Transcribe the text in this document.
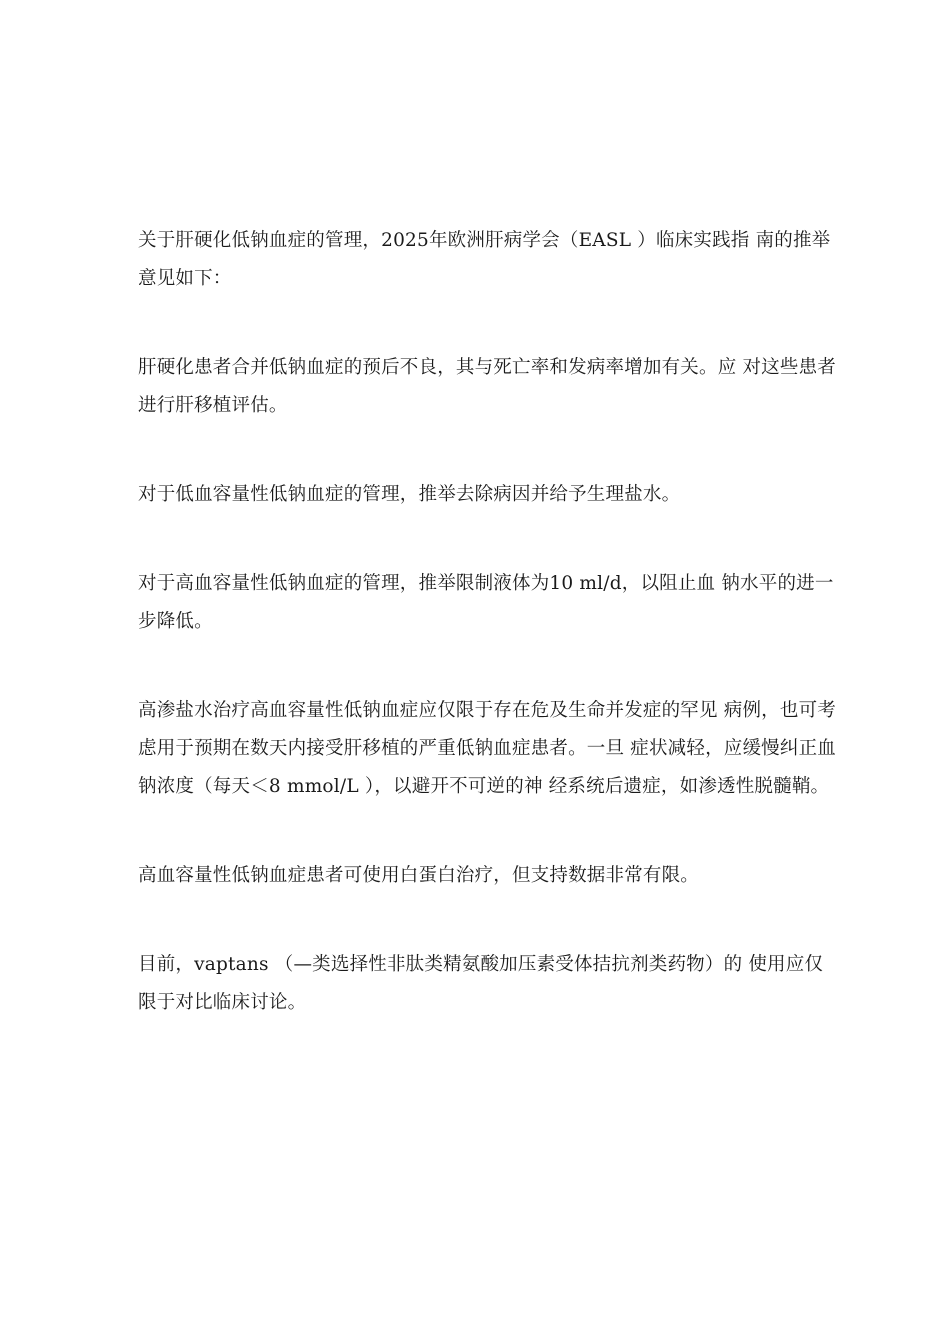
关于肝硬化低钠血症的管理，2025年欧洲肝病学会（EASL ）临床实践指 南的推举意见如下：

肝硬化患者合并低钠血症的预后不良，其与死亡率和发病率增加有关。应 对这些患者进行肝移植评估。

对于低血容量性低钠血症的管理，推举去除病因并给予生理盐水。

对于高血容量性低钠血症的管理，推举限制液体为10 ml/d，以阻止血 钠水平的进一步降低。

高渗盐水治疗高血容量性低钠血症应仅限于存在危及生命并发症的罕见 病例，也可考虑用于预期在数天内接受肝移植的严重低钠血症患者。一旦 症状减轻，应缓慢纠正血钠浓度（每天＜8 mmol/L ），以避开不可逆的神 经系统后遗症，如渗透性脱髓鞘。

高血容量性低钠血症患者可使用白蛋白治疗，但支持数据非常有限。

目前，vaptans （—类选择性非肽类精氨酸加压素受体拮抗剂类药物）的 使用应仅限于对比临床讨论。
